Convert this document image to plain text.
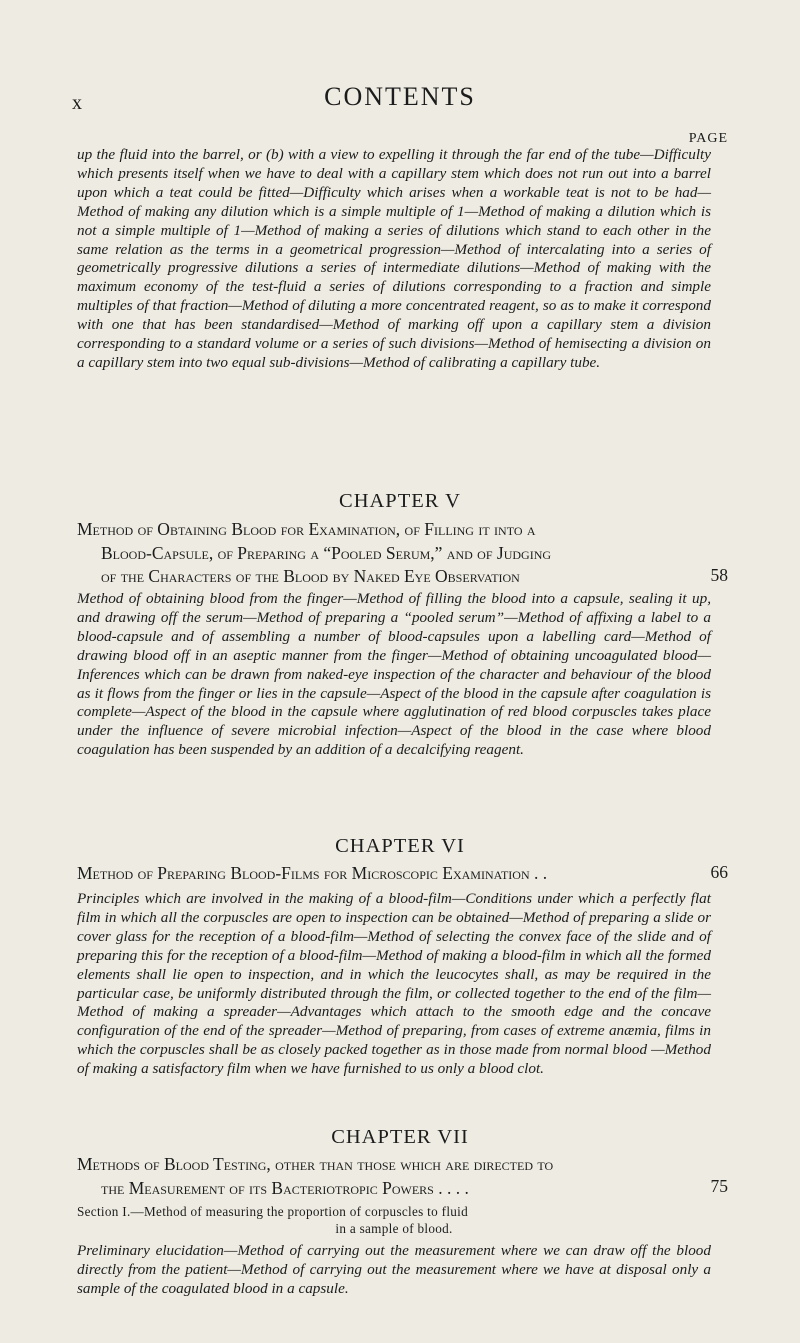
x	CONTENTS
PAGE

up the fluid into the barrel, or (b) with a view to expelling it through the far end of the tube—Difficulty which presents itself when we have to deal with a capillary stem which does not run out into a barrel upon which a teat could be fitted—Difficulty which arises when a workable teat is not to be had—Method of making any dilution which is a simple multiple of 1—Method of making a dilution which is not a simple multiple of 1—Method of making a series of dilutions which stand to each other in the same relation as the terms in a geometrical progression—Method of intercalating into a series of geometrically progressive dilutions a series of intermediate dilutions—Method of making with the maximum economy of the test-fluid a series of dilutions corresponding to a fraction and simple multiples of that fraction—Method of diluting a more concentrated reagent, so as to make it correspond with one that has been standardised—Method of marking off upon a capillary stem a division corresponding to a standard volume or a series of such divisions—Method of hemisecting a division on a capillary stem into two equal sub-divisions—Method of calibrating a capillary tube.

CHAPTER V

Method of Obtaining Blood for Examination, of Filling it into a
Blood-Capsule, of Preparing a “Pooled Serum,” and of Judging
of the Characters of the Blood by Naked Eye Observation	58

Method of obtaining blood from the finger—Method of filling the blood into a capsule, sealing it up, and drawing off the serum—Method of preparing a “pooled serum”—Method of affixing a label to a blood-capsule and of assembling a number of blood-capsules upon a labelling card—Method of drawing blood off in an aseptic manner from the finger—Method of obtaining uncoagulated blood—Inferences which can be drawn from naked-eye inspection of the character and behaviour of the blood as it flows from the finger or lies in the capsule—Aspect of the blood in the capsule after coagulation is complete—Aspect of the blood in the capsule where agglutination of red blood corpuscles takes place under the influence of severe microbial infection—Aspect of the blood in the case where blood coagulation has been suspended by an addition of a decalcifying reagent.

CHAPTER VI

Method of Preparing Blood-Films for Microscopic Examination . .	66

Principles which are involved in the making of a blood-film—Conditions under which a perfectly flat film in which all the corpuscles are open to inspection can be obtained—Method of preparing a slide or cover glass for the reception of a blood-film—Method of selecting the convex face of the slide and of preparing this for the reception of a blood-film—Method of making a blood-film in which all the formed elements shall lie open to inspection, and in which the leucocytes shall, as may be required in the particular case, be uniformly distributed through the film, or collected together to the end of the film—Method of making a spreader—Advantages which attach to the smooth edge and the concave configuration of the end of the spreader—Method of preparing, from cases of extreme anæmia, films in which the corpuscles shall be as closely packed together as in those made from normal blood —Method of making a satisfactory film when we have furnished to us only a blood clot.

CHAPTER VII

Methods of Blood Testing, other than those which are directed to
the Measurement of its Bacteriotropic Powers . . . .	75
Section I.—Method of measuring the proportion of corpuscles to fluid
in a sample of blood.

Preliminary elucidation—Method of carrying out the measurement where we can draw off the blood directly from the patient—Method of carrying out the measurement where we have at disposal only a sample of the coagulated blood in a capsule.
